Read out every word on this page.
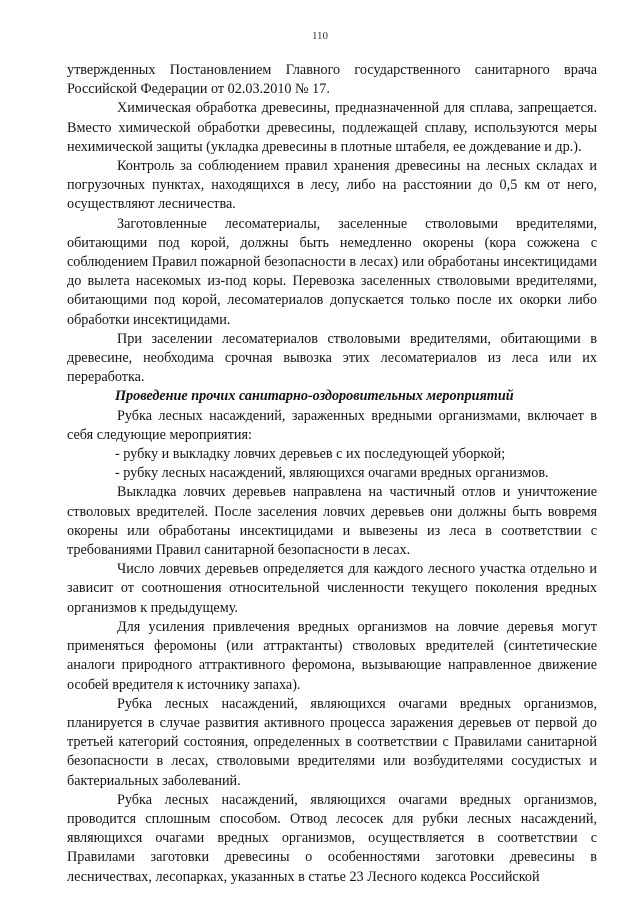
110

утвержденных Постановлением Главного государственного санитарного врача Российской Федерации от 02.03.2010 № 17.

Химическая обработка древесины, предназначенной для сплава, запрещается. Вместо химической обработки древесины, подлежащей сплаву, используются меры нехимической защиты (укладка древесины в плотные штабеля, ее дождевание и др.).

Контроль за соблюдением правил хранения древесины на лесных складах и погрузочных пунктах, находящихся в лесу, либо на расстоянии до 0,5 км от него, осуществляют лесничества.

Заготовленные лесоматериалы, заселенные стволовыми вредителями, обитающими под корой, должны быть немедленно окорены (кора сожжена с соблюдением Правил пожарной безопасности в лесах) или обработаны инсектицидами до вылета насекомых из-под коры. Перевозка заселенных стволовыми вредителями, обитающими под корой, лесоматериалов допускается только после их окорки либо обработки инсектицидами.

При заселении лесоматериалов стволовыми вредителями, обитающими в древесине, необходима срочная вывозка этих лесоматериалов из леса или их переработка.

Проведение прочих санитарно-оздоровительных мероприятий

Рубка лесных насаждений, зараженных вредными организмами, включает в себя следующие мероприятия:

- рубку и выкладку ловчих деревьев с их последующей уборкой;

- рубку лесных насаждений, являющихся очагами вредных организмов.

Выкладка ловчих деревьев направлена на частичный отлов и уничтожение стволовых вредителей. После заселения ловчих деревьев они должны быть вовремя окорены или обработаны инсектицидами и вывезены из леса в соответствии с требованиями Правил санитарной безопасности в лесах.

Число ловчих деревьев определяется для каждого лесного участка отдельно и зависит от соотношения относительной численности текущего поколения вредных организмов к предыдущему.

Для усиления привлечения вредных организмов на ловчие деревья могут применяться феромоны (или аттрактанты) стволовых вредителей (синтетические аналоги природного аттрактивного феромона, вызывающие направленное движение особей вредителя к источнику запаха).

Рубка лесных насаждений, являющихся очагами вредных организмов, планируется в случае развития активного процесса заражения деревьев от первой до третьей категорий состояния, определенных в соответствии с Правилами санитарной безопасности в лесах, стволовыми вредителями или возбудителями сосудистых и бактериальных заболеваний.

Рубка лесных насаждений, являющихся очагами вредных организмов, проводится сплошным способом. Отвод лесосек для рубки лесных насаждений, являющихся очагами вредных организмов, осуществляется в соответствии с Правилами заготовки древесины о особенностями заготовки древесины в лесничествах, лесопарках, указанных в статье 23 Лесного кодекса Российской
